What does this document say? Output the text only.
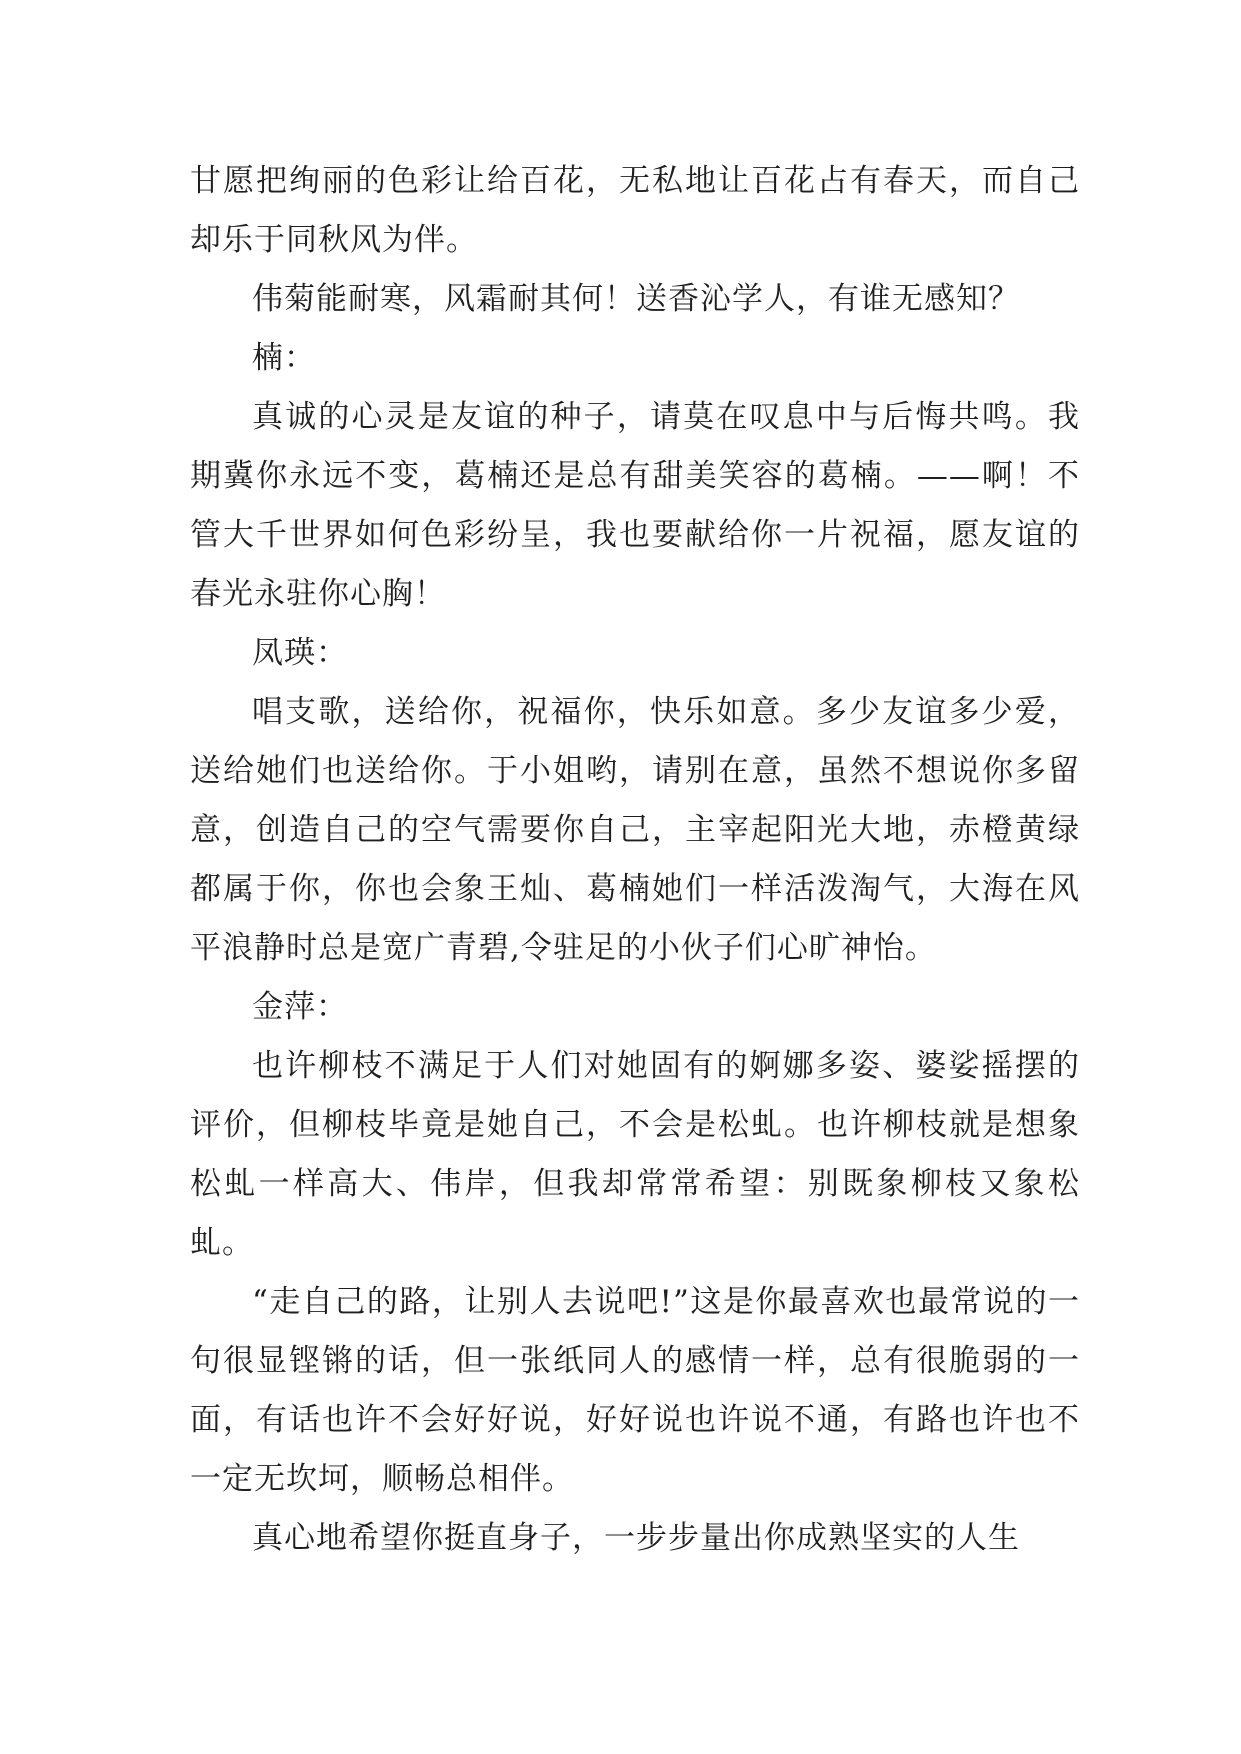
甘愿把绚丽的色彩让给百花，无私地让百花占有春天，而自己却乐于同秋风为伴。

伟菊能耐寒，风霜耐其何！送香沁学人，有谁无感知？

楠：

真诚的心灵是友谊的种子，请莫在叹息中与后悔共鸣。我期冀你永远不变，葛楠还是总有甜美笑容的葛楠。——啊！不管大千世界如何色彩纷呈，我也要献给你一片祝福，愿友谊的春光永驻你心胸！

凤瑛：

唱支歌，送给你，祝福你，快乐如意。多少友谊多少爱，送给她们也送给你。于小姐哟，请别在意，虽然不想说你多留意，创造自己的空气需要你自己，主宰起阳光大地，赤橙黄绿都属于你，你也会象王灿、葛楠她们一样活泼淘气，大海在风平浪静时总是宽广青碧,令驻足的小伙子们心旷神怡。

金萍：

也许柳枝不满足于人们对她固有的婀娜多姿、婆娑摇摆的评价，但柳枝毕竟是她自己，不会是松虬。也许柳枝就是想象松虬一样高大、伟岸，但我却常常希望：别既象柳枝又象松虬。

“走自己的路，让别人去说吧!”这是你最喜欢也最常说的一句很显铿锵的话，但一张纸同人的感情一样，总有很脆弱的一面，有话也许不会好好说，好好说也许说不通，有路也许也不一定无坎坷，顺畅总相伴。

真心地希望你挺直身子，一步步量出你成熟坚实的人生
